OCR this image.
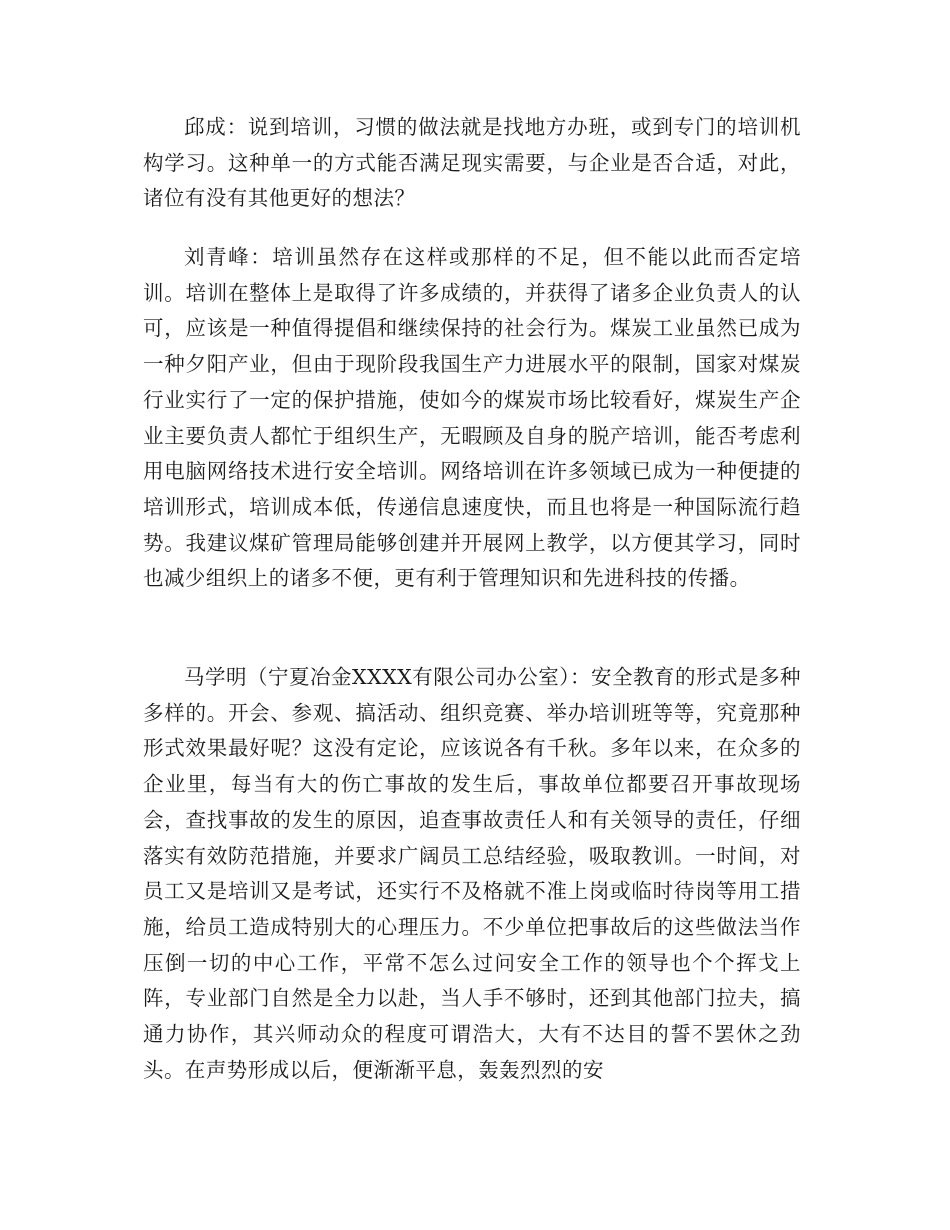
邱成：说到培训，习惯的做法就是找地方办班，或到专门的培训机构学习。这种单一的方式能否满足现实需要，与企业是否合适，对此，诸位有没有其他更好的想法？

刘青峰：培训虽然存在这样或那样的不足，但不能以此而否定培训。培训在整体上是取得了许多成绩的，并获得了诸多企业负责人的认可，应该是一种值得提倡和继续保持的社会行为。煤炭工业虽然已成为一种夕阳产业，但由于现阶段我国生产力进展水平的限制，国家对煤炭行业实行了一定的保护措施，使如今的煤炭市场比较看好，煤炭生产企业主要负责人都忙于组织生产，无暇顾及自身的脱产培训，能否考虑利用电脑网络技术进行安全培训。网络培训在许多领域已成为一种便捷的培训形式，培训成本低，传递信息速度快，而且也将是一种国际流行趋势。我建议煤矿管理局能够创建并开展网上教学，以方便其学习，同时也减少组织上的诸多不便，更有利于管理知识和先进科技的传播。

马学明（宁夏冶金XXXX有限公司办公室）：安全教育的形式是多种多样的。开会、参观、搞活动、组织竞赛、举办培训班等等，究竟那种形式效果最好呢？这没有定论，应该说各有千秋。多年以来，在众多的企业里，每当有大的伤亡事故的发生后，事故单位都要召开事故现场会，查找事故的发生的原因，追查事故责任人和有关领导的责任，仔细落实有效防范措施，并要求广阔员工总结经验，吸取教训。一时间，对员工又是培训又是考试，还实行不及格就不准上岗或临时待岗等用工措施，给员工造成特别大的心理压力。不少单位把事故后的这些做法当作压倒一切的中心工作，平常不怎么过问安全工作的领导也个个挥戈上阵，专业部门自然是全力以赴，当人手不够时，还到其他部门拉夫，搞通力协作，其兴师动众的程度可谓浩大，大有不达目的誓不罢休之劲头。在声势形成以后，便渐渐平息，轰轰烈烈的安
